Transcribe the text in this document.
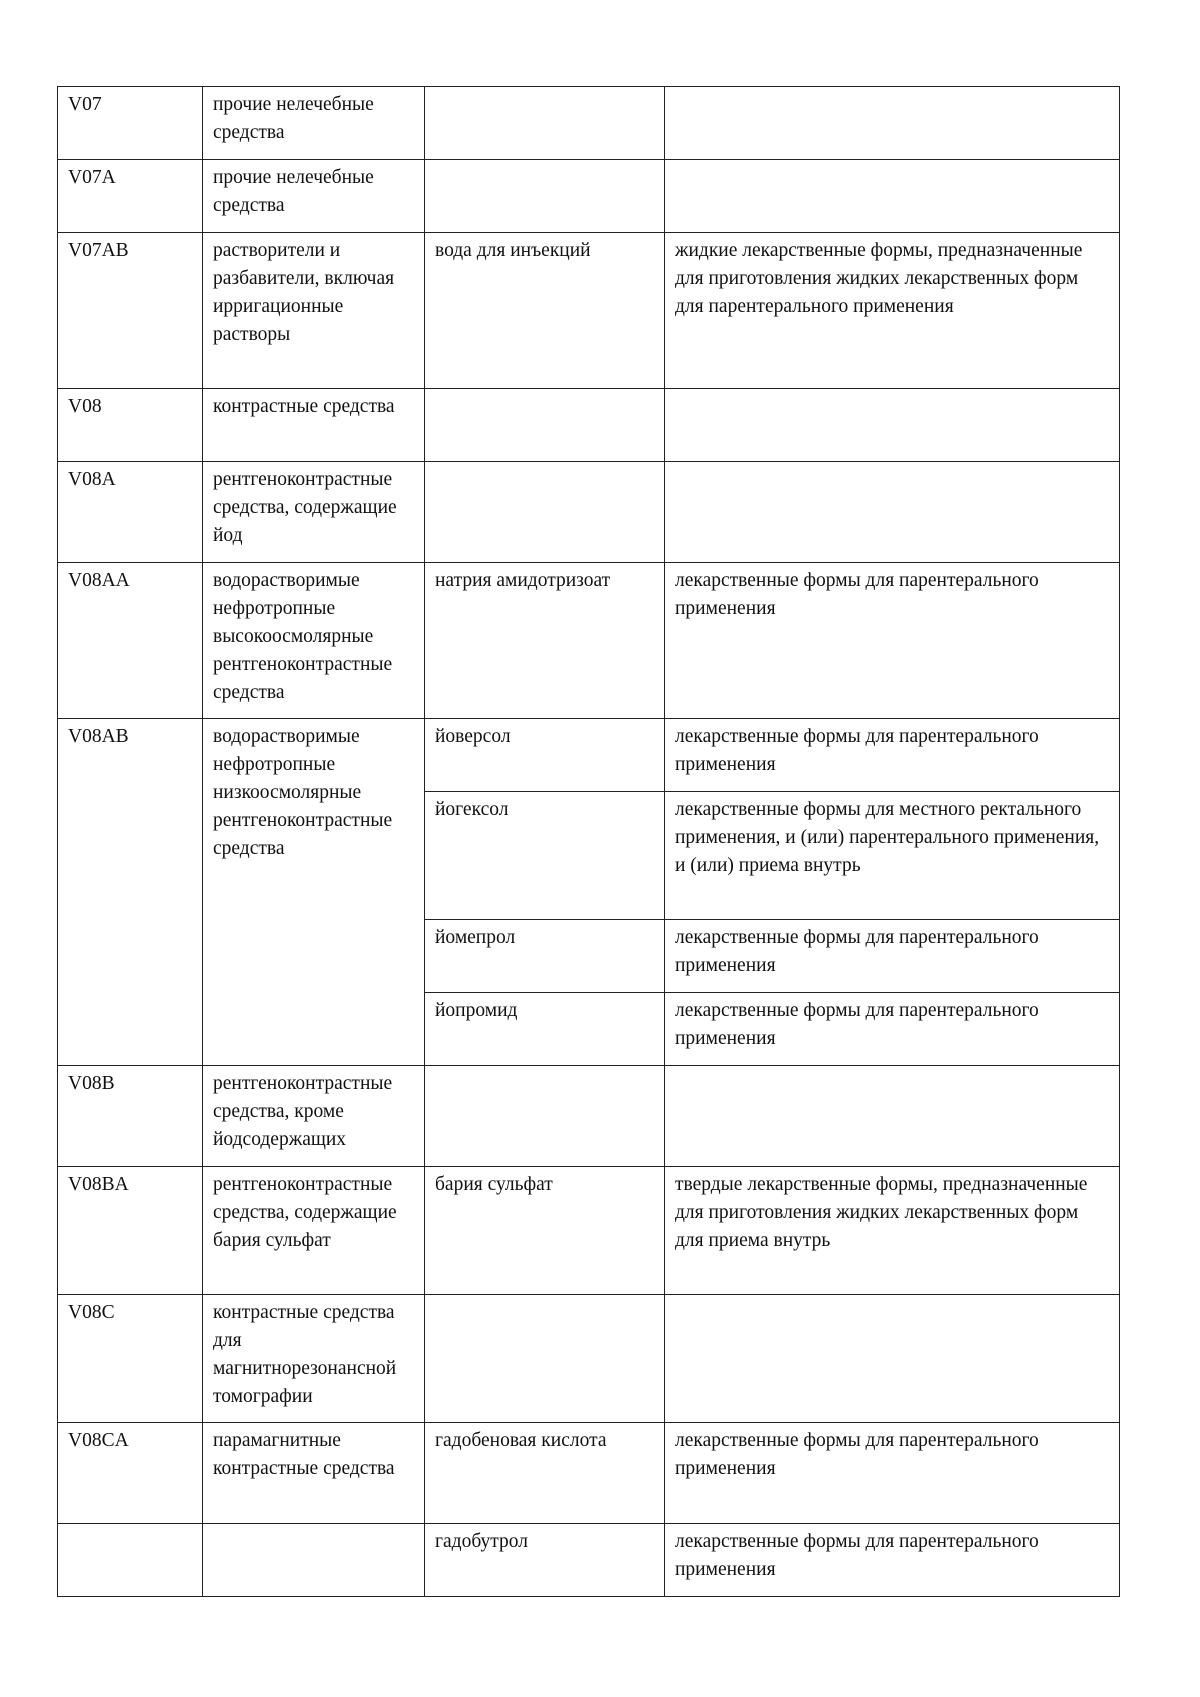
V07	прочие нелечебные средства		

V07A	прочие нелечебные средства		

V07AB	растворители и разбавители, включая ирригационные растворы	вода для инъекций	жидкие лекарственные формы, предназначенные для приготовления жидких лекарственных форм для парентерального применения

V08	контрастные средства		

V08A	рентгеноконтрастные средства, содержащие йод		

V08AA	водорастворимые нефротропные высокоосмолярные рентгеноконтрастные средства	натрия амидотризоат	лекарственные формы для парентерального применения

V08AB	водорастворимые нефротропные низкоосмолярные рентгеноконтрастные средства	йоверсол	лекарственные формы для парентерального применения

		йогексол	лекарственные формы для местного ректального применения, и (или) парентерального применения, и (или) приема внутрь

		йомепрол	лекарственные формы для парентерального применения

		йопромид	лекарственные формы для парентерального применения

V08B	рентгеноконтрастные средства, кроме йодсодержащих		

V08BA	рентгеноконтрастные средства, содержащие бария сульфат	бария сульфат	твердые лекарственные формы, предназначенные для приготовления жидких лекарственных форм для приема внутрь

V08C	контрастные средства для магнитнорезонансной томографии		

V08CA	парамагнитные контрастные средства	гадобеновая кислота	лекарственные формы для парентерального применения

		гадобутрол	лекарственные формы для парентерального применения
